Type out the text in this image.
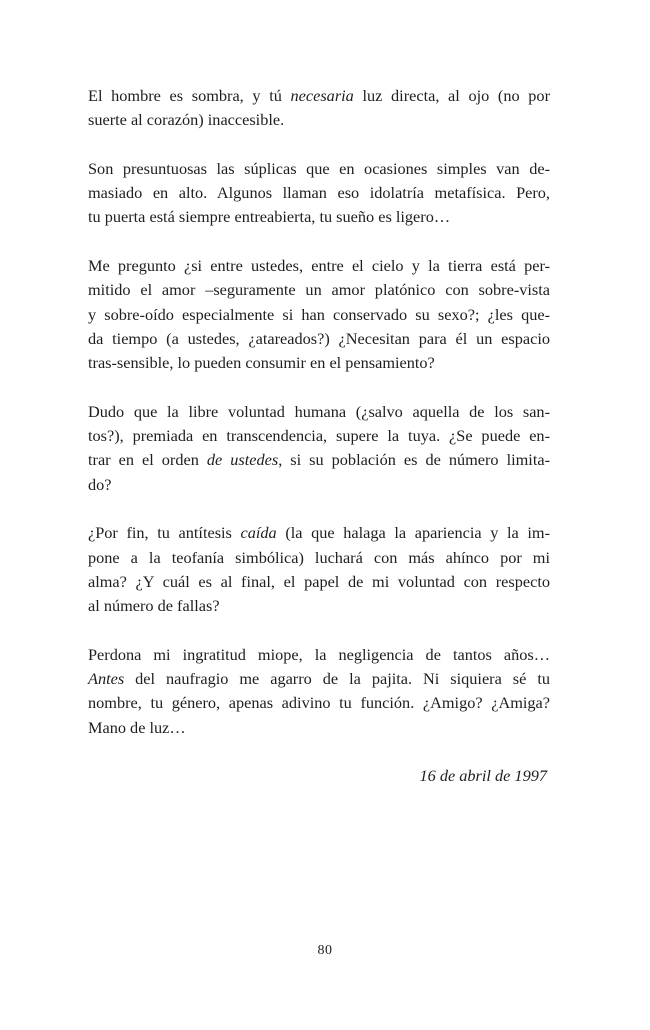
El hombre es sombra, y tú necesaria luz directa, al ojo (no por
suerte al corazón) inaccesible.
Son presuntuosas las súplicas que en ocasiones simples van de-
masiado en alto. Algunos llaman eso idolatría metafísica. Pero,
tu puerta está siempre entreabierta, tu sueño es ligero…
Me pregunto ¿si entre ustedes, entre el cielo y la tierra está per-
mitido el amor –seguramente un amor platónico con sobre-vista
y sobre-oído especialmente si han conservado su sexo?; ¿les que-
da tiempo (a ustedes, ¿atareados?) ¿Necesitan para él un espacio
tras-sensible, lo pueden consumir en el pensamiento?
Dudo que la libre voluntad humana (¿salvo aquella de los san-
tos?), premiada en transcendencia, supere la tuya. ¿Se puede en-
trar en el orden de ustedes, si su población es de número limita-
do?
¿Por fin, tu antítesis caída (la que halaga la apariencia y la im-
pone a la teofanía simbólica) luchará con más ahínco por mi
alma? ¿Y cuál es al final, el papel de mi voluntad con respecto
al número de fallas?
Perdona mi ingratitud miope, la negligencia de tantos años…
Antes del naufragio me agarro de la pajita. Ni siquiera sé tu
nombre, tu género, apenas adivino tu función. ¿Amigo? ¿Amiga?
Mano de luz…
16 de abril de 1997
80
